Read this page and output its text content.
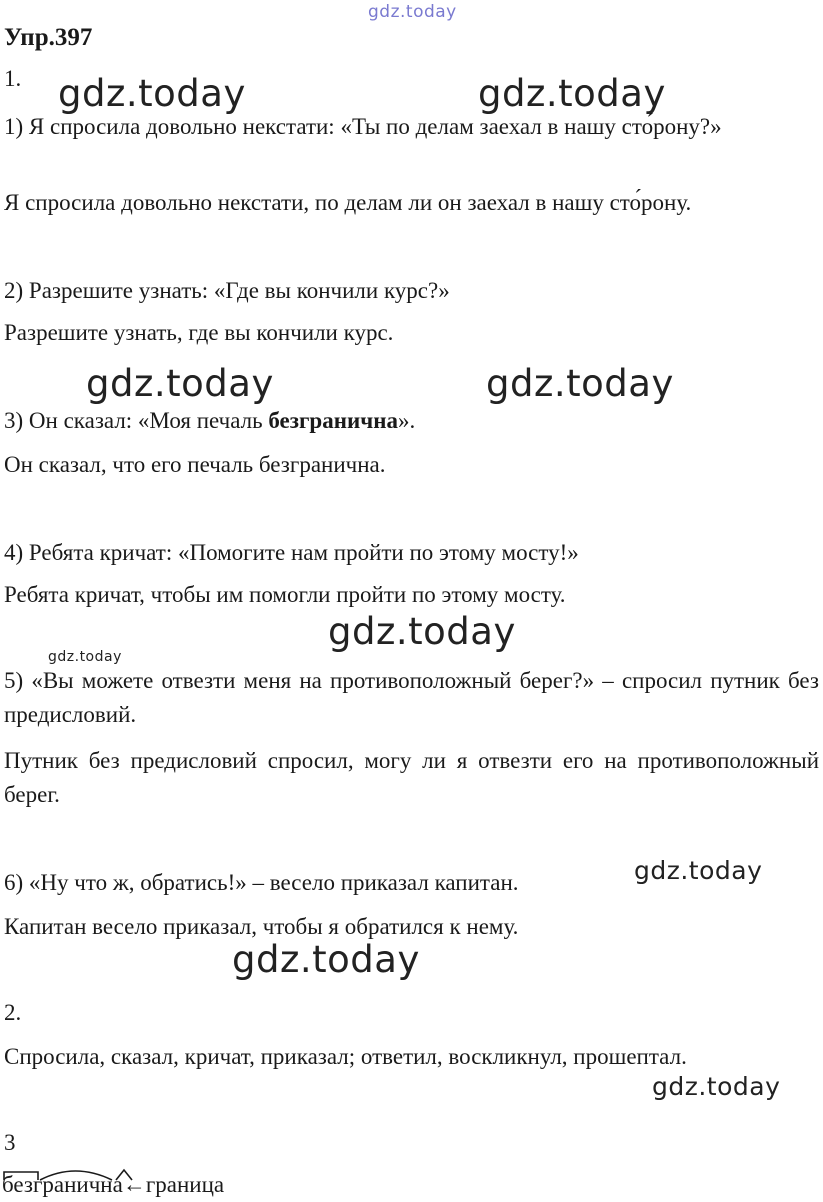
gdz.today
Упр.397
1. gdz.today	gdz.today

1) Я спросила довольно некстати: «Ты по делам заехал в нашу сто́рону?»

Я спросила довольно некстати, по делам ли он заехал в нашу сто́рону.

2) Разрешите узнать: «Где вы кончили курс?»

Разрешите узнать, где вы кончили курс.

gdz.today	gdz.today

3) Он сказал: «Моя печаль безгранична».

Он сказал, что его печаль безгранична.

4) Ребята кричат: «Помогите нам пройти по этому мосту!»

Ребята кричат, чтобы им помогли пройти по этому мосту.

gdz.today
gdz.today

5) «Вы можете отвезти меня на противоположный берег?» – спросил путник без предисловий.

Путник без предисловий спросил, могу ли я отвезти его на противоположный берег.

6) «Ну что ж, обратись!» – весело приказал капитан.	gdz.today

Капитан весело приказал, чтобы я обратился к нему.

gdz.today
2.

Спросила, сказал, кричат, приказал; ответил, воскликнул, прошептал.

gdz.today
3
безгранична←граница
